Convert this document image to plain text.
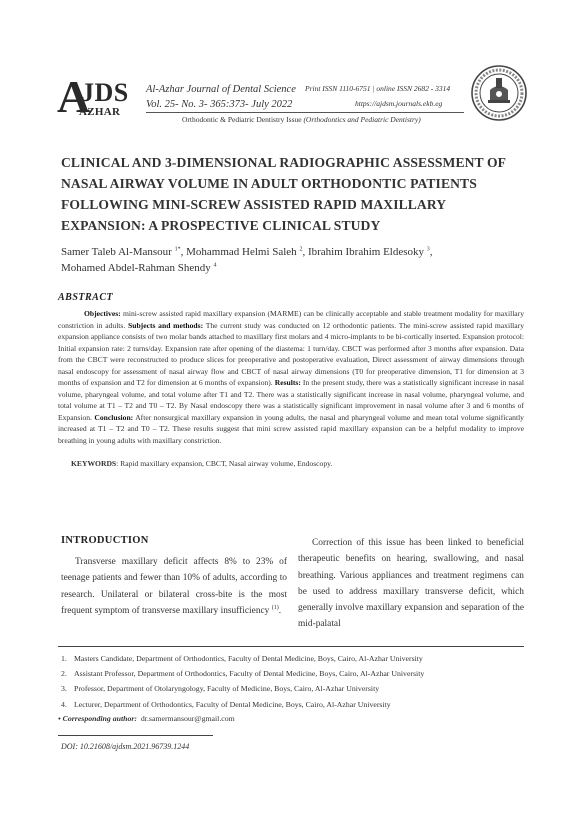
A
JDS
AZHAR
Al-Azhar Journal of Dental Science
Vol. 25- No. 3- 365:373- July 2022
Print ISSN 1110-6751 | online ISSN 2682 - 3314
https://ajdsm.journals.ekb.eg
Orthodontic & Pediatric Dentistry Issue (Orthodontics and Pediatric Dentistry)
CLINICAL AND 3-DIMENSIONAL RADIOGRAPHIC ASSESSMENT OF NASAL AIRWAY VOLUME IN ADULT ORTHODONTIC PATIENTS FOLLOWING MINI-SCREW ASSISTED RAPID MAXILLARY EXPANSION: A PROSPECTIVE CLINICAL STUDY
Samer Taleb Al-Mansour $^{1*}$, Mohammad Helmi Saleh $^2$, Ibrahim Ibrahim Eldesoky $^3$,
Mohamed Abdel-Rahman Shendy $^4$
ABSTRACT

Objectives: mini-screw assisted rapid maxillary expansion (MARME) can be clinically acceptable and stable treatment modality for maxillary constriction in adults. Subjects and methods: The current study was conducted on 12 orthodontic patients. The mini-screw assisted rapid maxillary expansion appliance consists of two molar bands attached to maxillary first molars and 4 micro-implants to be bi-cortically inserted. Expansion protocol: Initial expansion rate: 2 turns/day. Expansion rate after opening of the diastema: 1 turn/day. CBCT was performed after 3 months after expansion. Data from the CBCT were reconstructed to produce slices for preoperative and postoperative evaluation, Direct assessment of airway dimensions through nasal endoscopy for assessment of nasal airway flow and CBCT of nasal airway dimensions (T0 for preoperative dimension, T1 for dimension at 3 months of expansion and T2 for dimension at 6 months of expansion). Results: In the present study, there was a statistically significant increase in nasal volume, pharyngeal volume, and total volume after T1 and T2. There was a statistically significant increase in nasal volume, pharyngeal volume, and total volume at T1 – T2 and T0 – T2. By Nasal endoscopy there was a statistically significant improvement in nasal volume after 3 and 6 months of Expansion. Conclusion: After nonsurgical maxillary expansion in young adults, the nasal and pharyngeal volume and mean total volume significantly increased at T1 – T2 and T0 – T2. These results suggest that mini screw assisted rapid maxillary expansion can be a helpful modality to improve breathing in young adults with maxillary constriction.

KEYWORDS: Rapid maxillary expansion, CBCT, Nasal airway volume, Endoscopy.
INTRODUCTION

Transverse maxillary deficit affects 8% to 23% of teenage patients and fewer than 10% of adults, according to research. Unilateral or bilateral cross-bite is the most frequent symptom of transverse maxillary insufficiency $^{(1)}$.

Correction of this issue has been linked to beneficial therapeutic benefits on hearing, swallowing, and nasal breathing. Various appliances and treatment regimens can be used to address maxillary transverse deficit, which generally involve maxillary expansion and separation of the mid-palatal

1. Masters Candidate, Department of Orthodontics, Faculty of Dental Medicine, Boys, Cairo, Al-Azhar University
2. Assistant Professor, Department of Orthodontics, Faculty of Dental Medicine, Boys, Cairo, Al-Azhar University
3. Professor, Department of Otolaryngology, Faculty of Medicine, Boys, Cairo, Al-Azhar University
4. Lecturer, Department of Orthodontics, Faculty of Dental Medicine, Boys, Cairo, Al-Azhar University
• Corresponding author: dr.samermansour@gmail.com
DOI: 10.21608/ajdsm.2021.96739.1244
